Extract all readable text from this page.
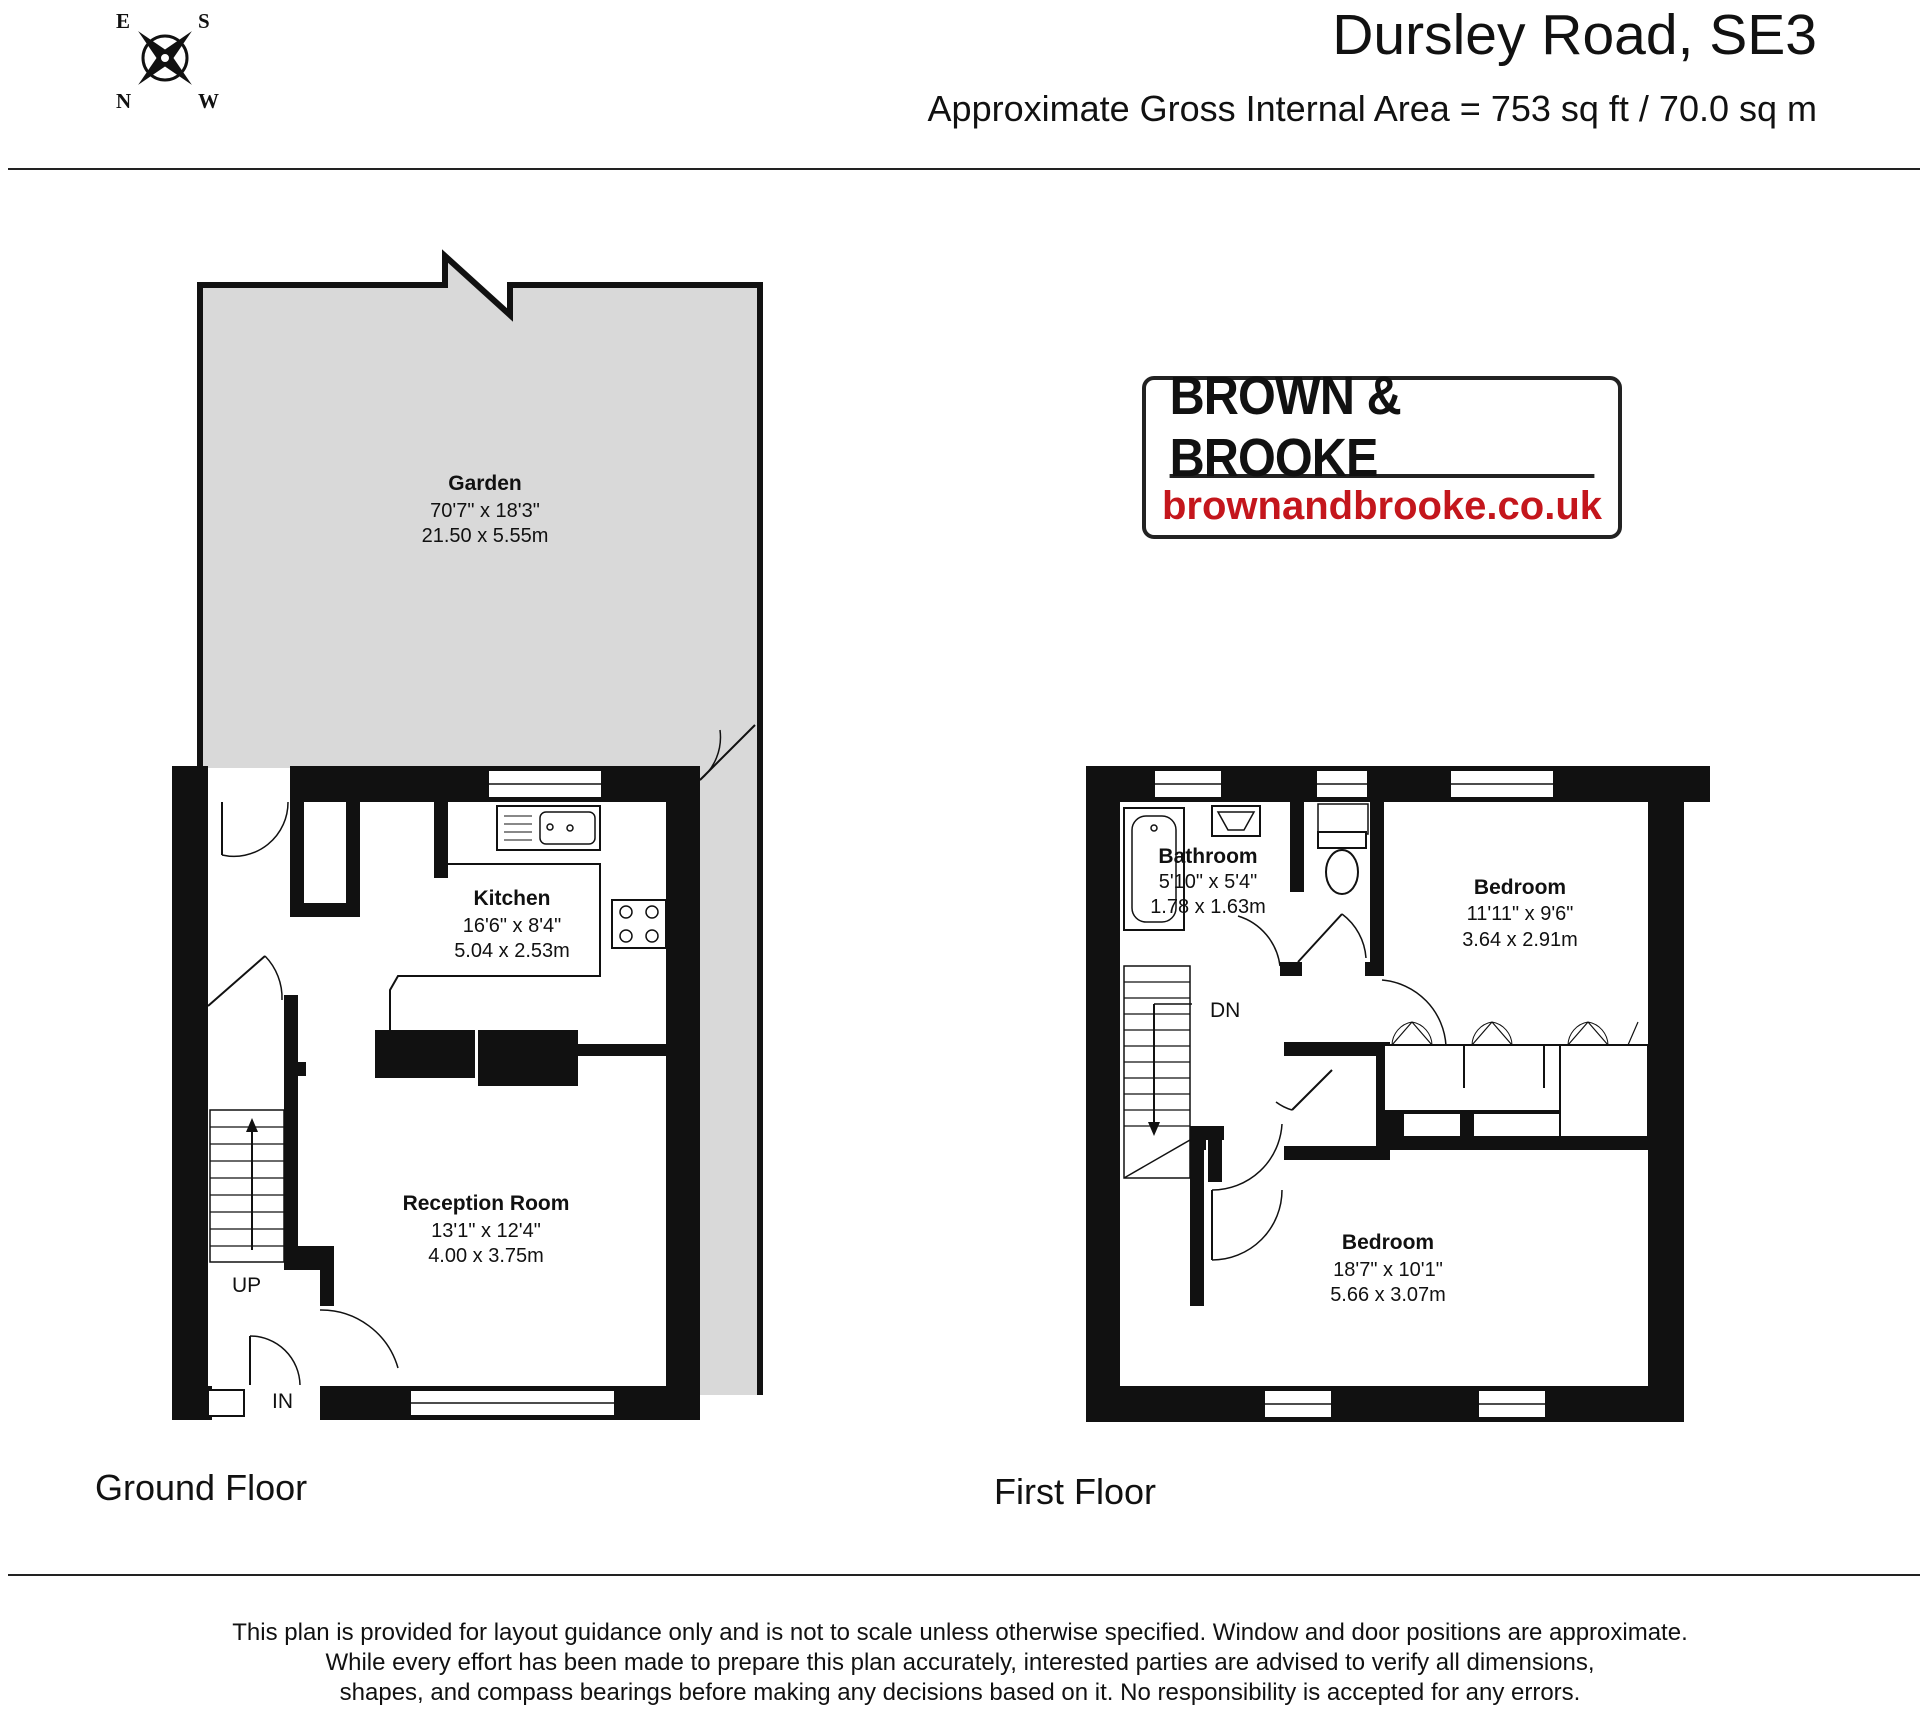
Dursley Road, SE3
Approximate Gross Internal Area = 753 sq ft / 70.0 sq m
E	S
N	W
BROWN & BROOKE
brownandbrooke.co.uk
Garden
70'7" x 18'3"
21.50 x 5.55m
Kitchen
16'6" x 8'4"
5.04 x 2.53m
Reception Room
13'1" x 12'4"
4.00 x 3.75m
UP
IN
Bathroom
5'10" x 5'4"
1.78 x 1.63m
Bedroom
11'11" x 9'6"
3.64 x 2.91m
Bedroom
18'7" x 10'1"
5.66 x 3.07m
DN
Ground Floor	First Floor
This plan is provided for layout guidance only and is not to scale unless otherwise specified. Window and door positions are approximate.
While every effort has been made to prepare this plan accurately, interested parties are advised to verify all dimensions,
shapes, and compass bearings before making any decisions based on it. No responsibility is accepted for any errors.
